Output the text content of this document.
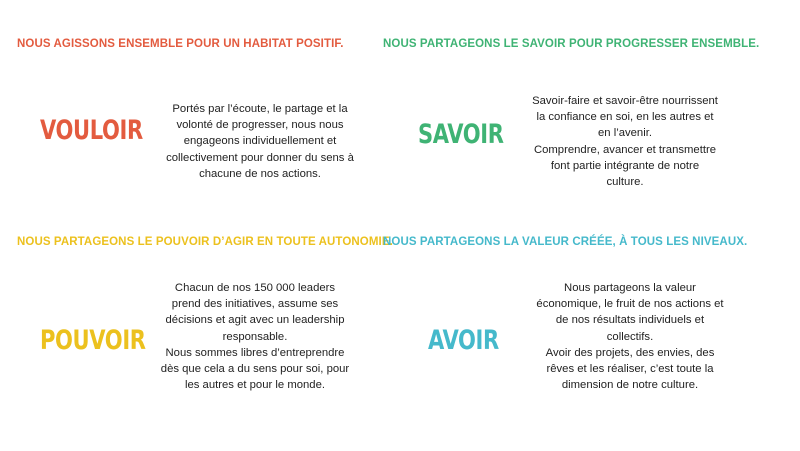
NOUS AGISSONS ENSEMBLE POUR UN HABITAT POSITIF.
VOULOIR
Portés par l’écoute, le partage et la
volonté de progresser, nous nous
engageons individuellement et
collectivement pour donner du sens à
chacune de nos actions.
NOUS PARTAGEONS LE SAVOIR POUR PROGRESSER ENSEMBLE.
SAVOIR
Savoir-faire et savoir-être nourrissent
la confiance en soi, en les autres et
en l’avenir.
Comprendre, avancer et transmettre
font partie intégrante de notre
culture.
NOUS PARTAGEONS LE POUVOIR D’AGIR EN TOUTE AUTONOMIE.
POUVOIR
Chacun de nos 150 000 leaders
prend des initiatives, assume ses
décisions et agit avec un leadership
responsable.
Nous sommes libres d’entreprendre
dès que cela a du sens pour soi, pour
les autres et pour le monde.
NOUS PARTAGEONS LA VALEUR CRÉÉE, À TOUS LES NIVEAUX.
AVOIR
Nous partageons la valeur
économique, le fruit de nos actions et
de nos résultats individuels et
collectifs.
Avoir des projets, des envies, des
rêves et les réaliser, c’est toute la
dimension de notre culture.
